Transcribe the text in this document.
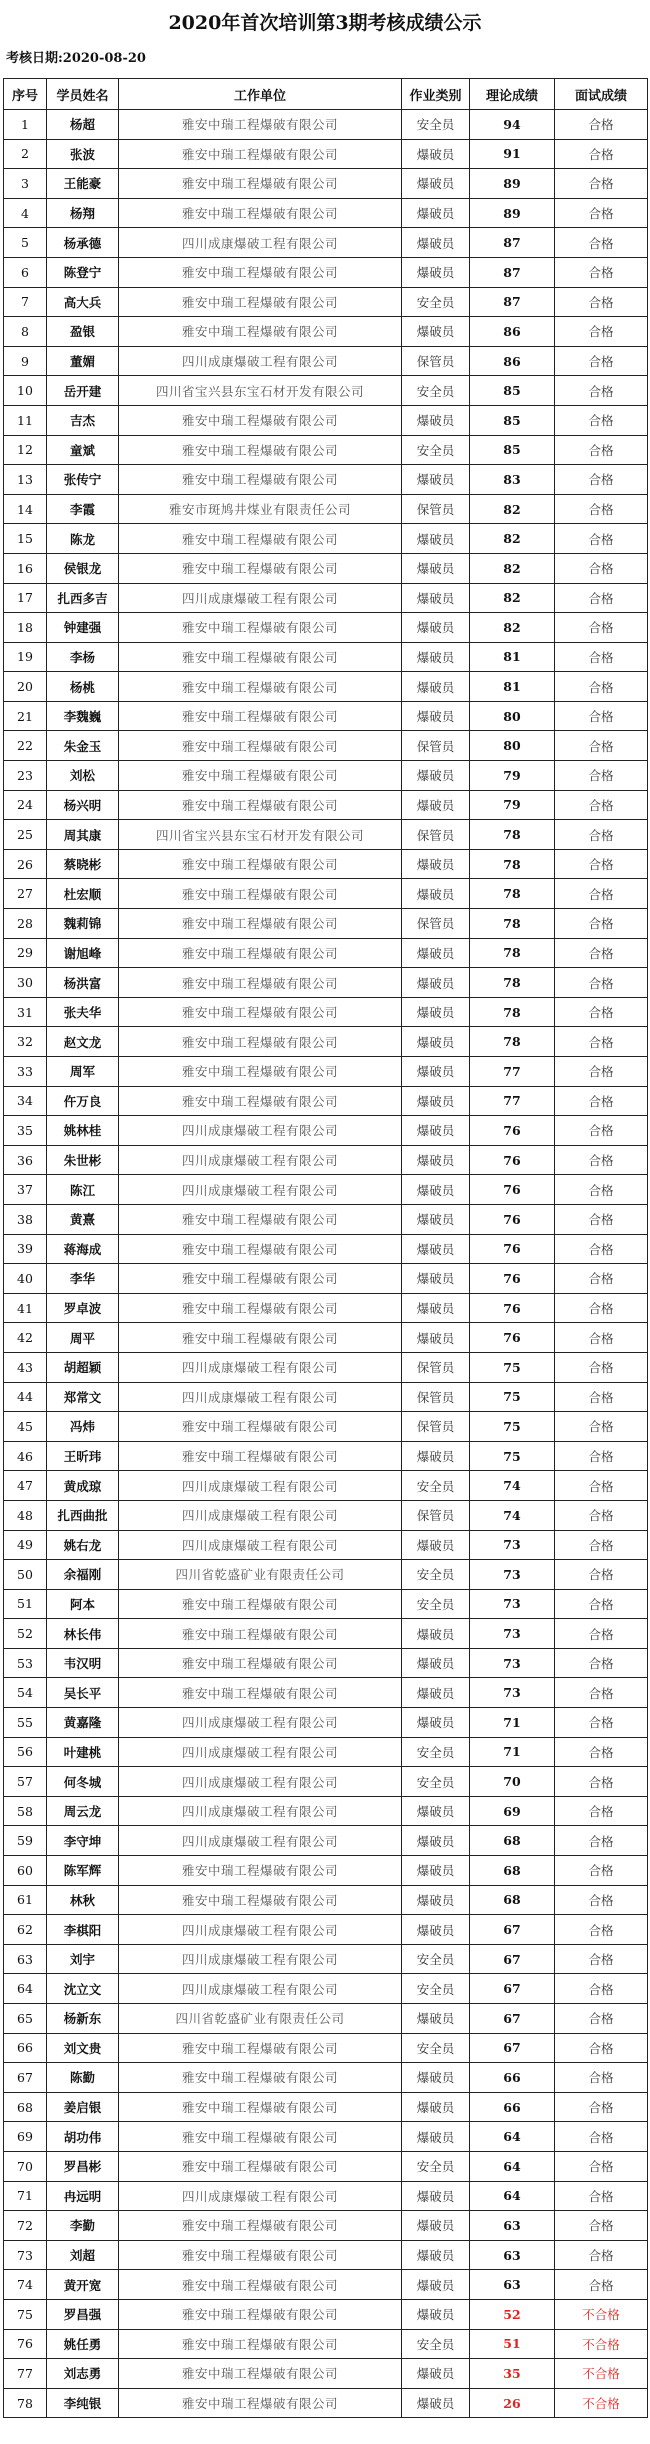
2020年首次培训第3期考核成绩公示
考核日期:2020-08-20
序号	学员姓名	工作单位	作业类别	理论成绩	面试成绩
1	杨超	雅安中瑞工程爆破有限公司	安全员	94	合格
2	张波	雅安中瑞工程爆破有限公司	爆破员	91	合格
3	王能豪	雅安中瑞工程爆破有限公司	爆破员	89	合格
4	杨翔	雅安中瑞工程爆破有限公司	爆破员	89	合格
5	杨承德	四川成康爆破工程有限公司	爆破员	87	合格
6	陈登宁	雅安中瑞工程爆破有限公司	爆破员	87	合格
7	高大兵	雅安中瑞工程爆破有限公司	安全员	87	合格
8	盈银	雅安中瑞工程爆破有限公司	爆破员	86	合格
9	董媚	四川成康爆破工程有限公司	保管员	86	合格
10	岳开建	四川省宝兴县东宝石材开发有限公司	安全员	85	合格
11	吉杰	雅安中瑞工程爆破有限公司	爆破员	85	合格
12	童斌	雅安中瑞工程爆破有限公司	安全员	85	合格
13	张传宁	雅安中瑞工程爆破有限公司	爆破员	83	合格
14	李霞	雅安市斑鸠井煤业有限责任公司	保管员	82	合格
15	陈龙	雅安中瑞工程爆破有限公司	爆破员	82	合格
16	侯银龙	雅安中瑞工程爆破有限公司	爆破员	82	合格
17	扎西多吉	四川成康爆破工程有限公司	爆破员	82	合格
18	钟建强	雅安中瑞工程爆破有限公司	爆破员	82	合格
19	李杨	雅安中瑞工程爆破有限公司	爆破员	81	合格
20	杨桃	雅安中瑞工程爆破有限公司	爆破员	81	合格
21	李魏巍	雅安中瑞工程爆破有限公司	爆破员	80	合格
22	朱金玉	雅安中瑞工程爆破有限公司	保管员	80	合格
23	刘松	雅安中瑞工程爆破有限公司	爆破员	79	合格
24	杨兴明	雅安中瑞工程爆破有限公司	爆破员	79	合格
25	周其康	四川省宝兴县东宝石材开发有限公司	保管员	78	合格
26	蔡晓彬	雅安中瑞工程爆破有限公司	爆破员	78	合格
27	杜宏顺	雅安中瑞工程爆破有限公司	爆破员	78	合格
28	魏莉锦	雅安中瑞工程爆破有限公司	保管员	78	合格
29	谢旭峰	雅安中瑞工程爆破有限公司	爆破员	78	合格
30	杨洪富	雅安中瑞工程爆破有限公司	爆破员	78	合格
31	张夫华	雅安中瑞工程爆破有限公司	爆破员	78	合格
32	赵文龙	雅安中瑞工程爆破有限公司	爆破员	78	合格
33	周军	雅安中瑞工程爆破有限公司	爆破员	77	合格
34	仵万良	雅安中瑞工程爆破有限公司	爆破员	77	合格
35	姚林桂	四川成康爆破工程有限公司	爆破员	76	合格
36	朱世彬	四川成康爆破工程有限公司	爆破员	76	合格
37	陈江	四川成康爆破工程有限公司	爆破员	76	合格
38	黄熹	雅安中瑞工程爆破有限公司	爆破员	76	合格
39	蒋海成	雅安中瑞工程爆破有限公司	爆破员	76	合格
40	李华	雅安中瑞工程爆破有限公司	爆破员	76	合格
41	罗卓波	雅安中瑞工程爆破有限公司	爆破员	76	合格
42	周平	雅安中瑞工程爆破有限公司	爆破员	76	合格
43	胡超颖	四川成康爆破工程有限公司	保管员	75	合格
44	郑常文	四川成康爆破工程有限公司	保管员	75	合格
45	冯炜	雅安中瑞工程爆破有限公司	保管员	75	合格
46	王昕玮	雅安中瑞工程爆破有限公司	爆破员	75	合格
47	黄成琼	四川成康爆破工程有限公司	安全员	74	合格
48	扎西曲批	四川成康爆破工程有限公司	保管员	74	合格
49	姚右龙	四川成康爆破工程有限公司	爆破员	73	合格
50	余福刚	四川省乾盛矿业有限责任公司	安全员	73	合格
51	阿本	雅安中瑞工程爆破有限公司	安全员	73	合格
52	林长伟	雅安中瑞工程爆破有限公司	爆破员	73	合格
53	韦汉明	雅安中瑞工程爆破有限公司	爆破员	73	合格
54	吴长平	雅安中瑞工程爆破有限公司	爆破员	73	合格
55	黄嘉隆	四川成康爆破工程有限公司	爆破员	71	合格
56	叶建桃	四川成康爆破工程有限公司	安全员	71	合格
57	何冬城	四川成康爆破工程有限公司	安全员	70	合格
58	周云龙	四川成康爆破工程有限公司	爆破员	69	合格
59	李守坤	四川成康爆破工程有限公司	爆破员	68	合格
60	陈军辉	雅安中瑞工程爆破有限公司	爆破员	68	合格
61	林秋	雅安中瑞工程爆破有限公司	爆破员	68	合格
62	李棋阳	四川成康爆破工程有限公司	爆破员	67	合格
63	刘宇	四川成康爆破工程有限公司	安全员	67	合格
64	沈立文	四川成康爆破工程有限公司	安全员	67	合格
65	杨新东	四川省乾盛矿业有限责任公司	爆破员	67	合格
66	刘文贵	雅安中瑞工程爆破有限公司	安全员	67	合格
67	陈勤	雅安中瑞工程爆破有限公司	爆破员	66	合格
68	姜启银	雅安中瑞工程爆破有限公司	爆破员	66	合格
69	胡功伟	雅安中瑞工程爆破有限公司	爆破员	64	合格
70	罗昌彬	雅安中瑞工程爆破有限公司	安全员	64	合格
71	冉远明	四川成康爆破工程有限公司	爆破员	64	合格
72	李勤	雅安中瑞工程爆破有限公司	爆破员	63	合格
73	刘超	雅安中瑞工程爆破有限公司	爆破员	63	合格
74	黄开宽	雅安中瑞工程爆破有限公司	爆破员	63	合格
75	罗昌强	雅安中瑞工程爆破有限公司	爆破员	52	不合格
76	姚任勇	雅安中瑞工程爆破有限公司	安全员	51	不合格
77	刘志勇	雅安中瑞工程爆破有限公司	爆破员	35	不合格
78	李纯银	雅安中瑞工程爆破有限公司	爆破员	26	不合格
